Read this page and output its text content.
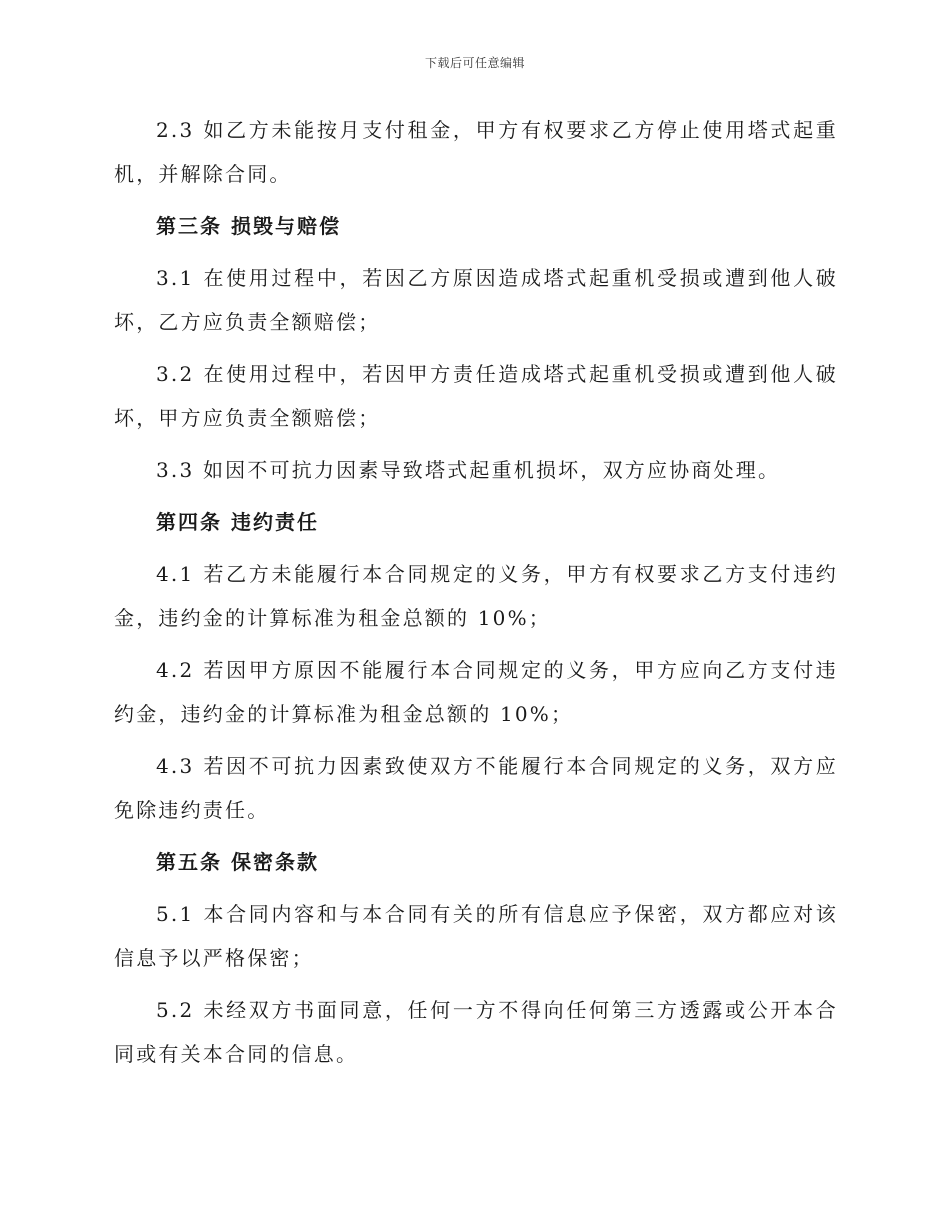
下载后可任意编辑

2.3 如乙方未能按月支付租金，甲方有权要求乙方停止使用塔式起重机，并解除合同。

第三条 损毁与赔偿

3.1 在使用过程中，若因乙方原因造成塔式起重机受损或遭到他人破坏，乙方应负责全额赔偿；

3.2 在使用过程中，若因甲方责任造成塔式起重机受损或遭到他人破坏，甲方应负责全额赔偿；

3.3 如因不可抗力因素导致塔式起重机损坏，双方应协商处理。

第四条 违约责任

4.1 若乙方未能履行本合同规定的义务，甲方有权要求乙方支付违约金，违约金的计算标准为租金总额的 10%；

4.2 若因甲方原因不能履行本合同规定的义务，甲方应向乙方支付违约金，违约金的计算标准为租金总额的 10%；

4.3 若因不可抗力因素致使双方不能履行本合同规定的义务，双方应免除违约责任。

第五条 保密条款

5.1 本合同内容和与本合同有关的所有信息应予保密，双方都应对该信息予以严格保密；

5.2 未经双方书面同意，任何一方不得向任何第三方透露或公开本合同或有关本合同的信息。
